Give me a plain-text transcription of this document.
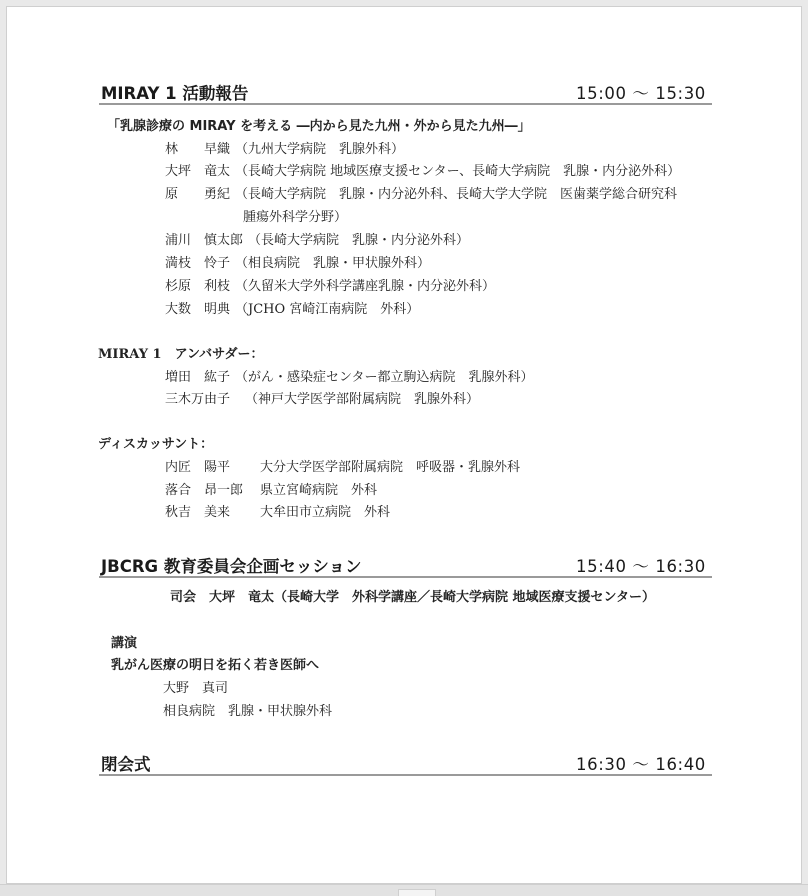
MIRAY 1 活動報告	15:00 ～ 15:30
「乳腺診療の MIRAY を考える ―内から見た九州・外から見た九州―」
林　　早織 （九州大学病院　乳腺外科）
大坪　竜太 （長崎大学病院 地域医療支援センター、長崎大学病院　乳腺・内分泌外科）
原　　勇紀 （長崎大学病院　乳腺・内分泌外科、長崎大学大学院　医歯薬学総合研究科
腫瘍外科学分野）
浦川　慎太郎 （長崎大学病院　乳腺・内分泌外科）
満枝　怜子 （相良病院　乳腺・甲状腺外科）
杉原　利枝 （久留米大学外科学講座乳腺・内分泌外科）
大数　明典 （JCHO 宮崎江南病院　外科）
MIRAY 1　アンバサダー：
増田　紘子 （がん・感染症センター都立駒込病院　乳腺外科）
三木万由子 （神戸大学医学部附属病院　乳腺外科）
ディスカッサント：
内匠　陽平 大分大学医学部附属病院　呼吸器・乳腺外科
落合　昂一郎 県立宮崎病院　外科
秋吉　美来 大牟田市立病院　外科
JBCRG 教育委員会企画セッション	15:40 ～ 16:30
司会　大坪　竜太（長崎大学　外科学講座／長崎大学病院 地域医療支援センター）
講演
乳がん医療の明日を拓く若き医師へ
大野　真司
相良病院　乳腺・甲状腺外科
閉会式	16:30 ～ 16:40
